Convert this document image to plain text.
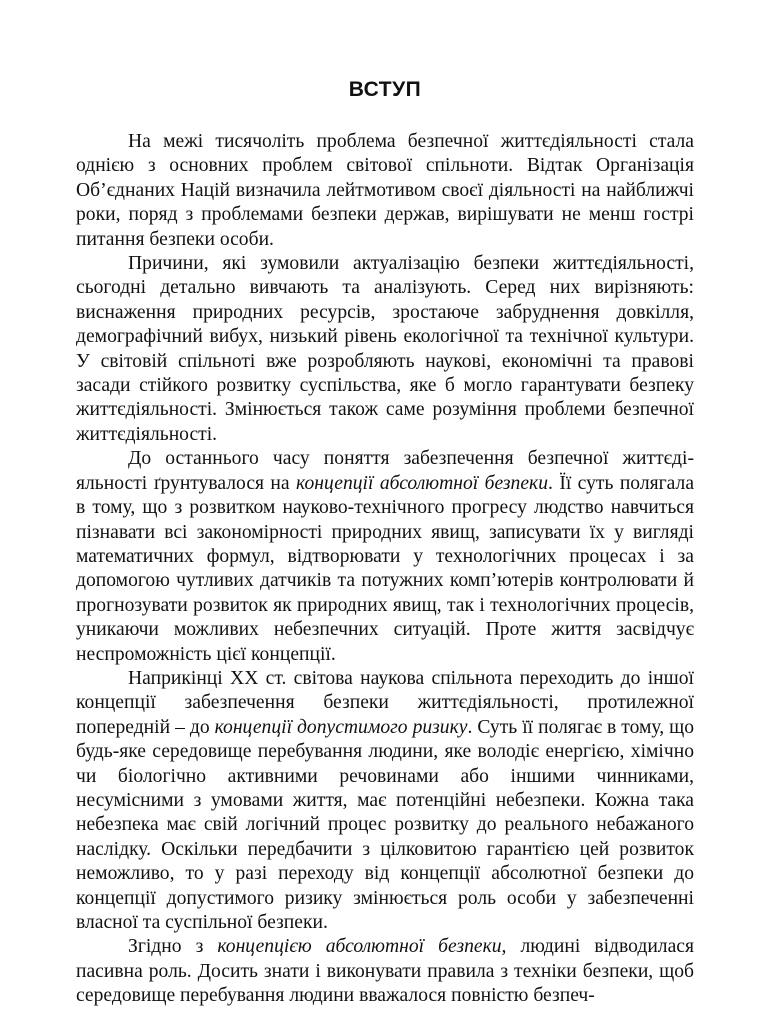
ВСТУП

На межі тисячоліть проблема безпечної життєдіяльності стала однією з основних проблем світової спільноти. Відтак Організація Об’єднаних Націй визначила лейтмотивом своєї діяльності на найближчі роки, поряд з проблемами безпеки держав, вирішувати не менш гострі питання безпеки особи.

Причини, які зумовили актуалізацію безпеки життєдіяльності, сьогодні детально вивчають та аналізують. Серед них вирізняють: виснаження природних ресурсів, зростаюче забруднення довкілля, демографічний вибух, низький рівень екологічної та технічної культури. У світовій спільноті вже розробляють наукові, економічні та правові засади стійкого розвитку суспільства, яке б могло гарантувати безпеку життєдіяльності. Змінюється також саме розуміння проблеми безпечної життєдіяльності.

До останнього часу поняття забезпечення безпечної життєдіяльності ґрунтувалося на концепції абсолютної безпеки. Її суть полягала в тому, що з розвитком науково-технічного прогресу людство навчиться пізнавати всі закономірності природних явищ, записувати їх у вигляді математичних формул, відтворювати у технологічних процесах і за допомогою чутливих датчиків та потужних комп’ютерів контролювати й прогнозувати розвиток як природних явищ, так і технологічних процесів, уникаючи можливих небезпечних ситуацій. Проте життя засвідчує неспроможність цієї концепції.

Наприкінці ХХ ст. світова наукова спільнота переходить до іншої концепції забезпечення безпеки життєдіяльності, протилежної попередній – до концепції допустимого ризику. Суть її полягає в тому, що будь-яке середовище перебування людини, яке володіє енергією, хімічно чи біологічно активними речовинами або іншими чинниками, несумісними з умовами життя, має потенційні небезпеки. Кожна така небезпека має свій логічний процес розвитку до реального небажаного наслідку. Оскільки передбачити з цілковитою гарантією цей розвиток неможливо, то у разі переходу від концепції абсолютної безпеки до концепції допустимого ризику змінюється роль особи у забезпеченні власної та суспільної безпеки.

Згідно з концепцією абсолютної безпеки, людині відводилася пасивна роль. Досить знати і виконувати правила з техніки безпеки, щоб середовище перебування людини вважалося повністю безпеч-
